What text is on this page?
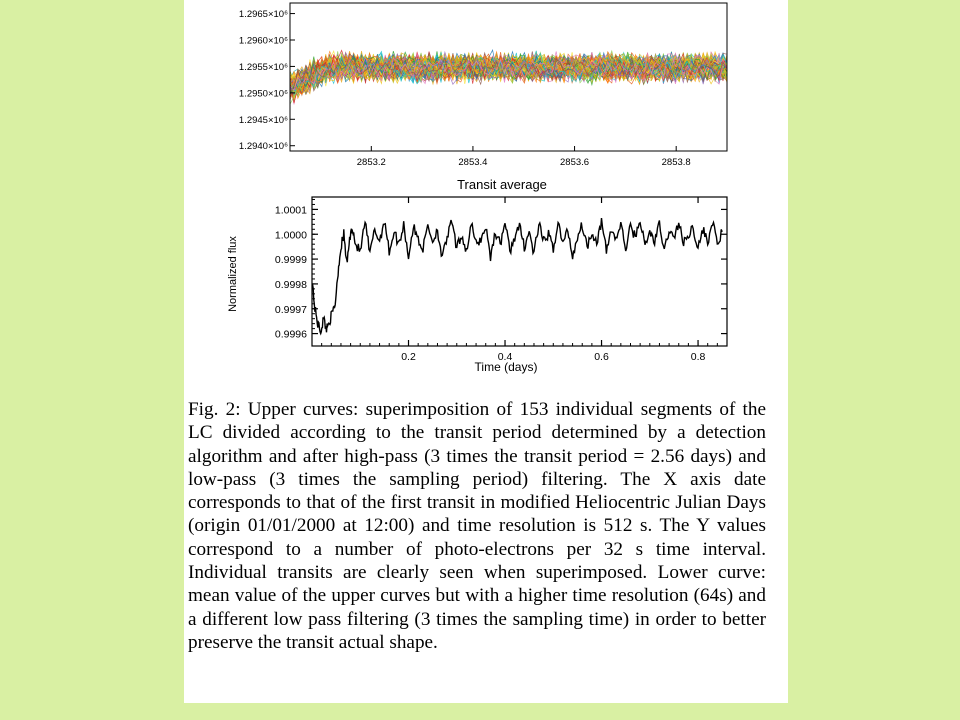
2853.2	2853.4	2853.6	2853.8
1.2940×10⁶
1.2945×10⁶
1.2950×10⁶
1.2955×10⁶
1.2960×10⁶
1.2965×10⁶
Transit average
0.2	0.4	0.6	0.8
0.9996
0.9997
0.9998
0.9999
1.0000
1.0001
Time (days)
Normalized flux

Fig. 2: Upper curves: superimposition of 153 individual segments of the LC divided according to the transit period determined by a detection algorithm and after high-pass (3 times the transit period = 2.56 days) and low-pass (3 times the sampling period) filtering. The X axis date corresponds to that of the first transit in modified Heliocentric Julian Days (origin 01/01/2000 at 12:00) and time resolution is 512 s. The Y values correspond to a number of photo-electrons per 32 s time interval. Individual transits are clearly seen when superimposed. Lower curve: mean value of the upper curves but with a higher time resolution (64s) and a different low pass filtering (3 times the sampling time) in order to better preserve the transit actual shape.
